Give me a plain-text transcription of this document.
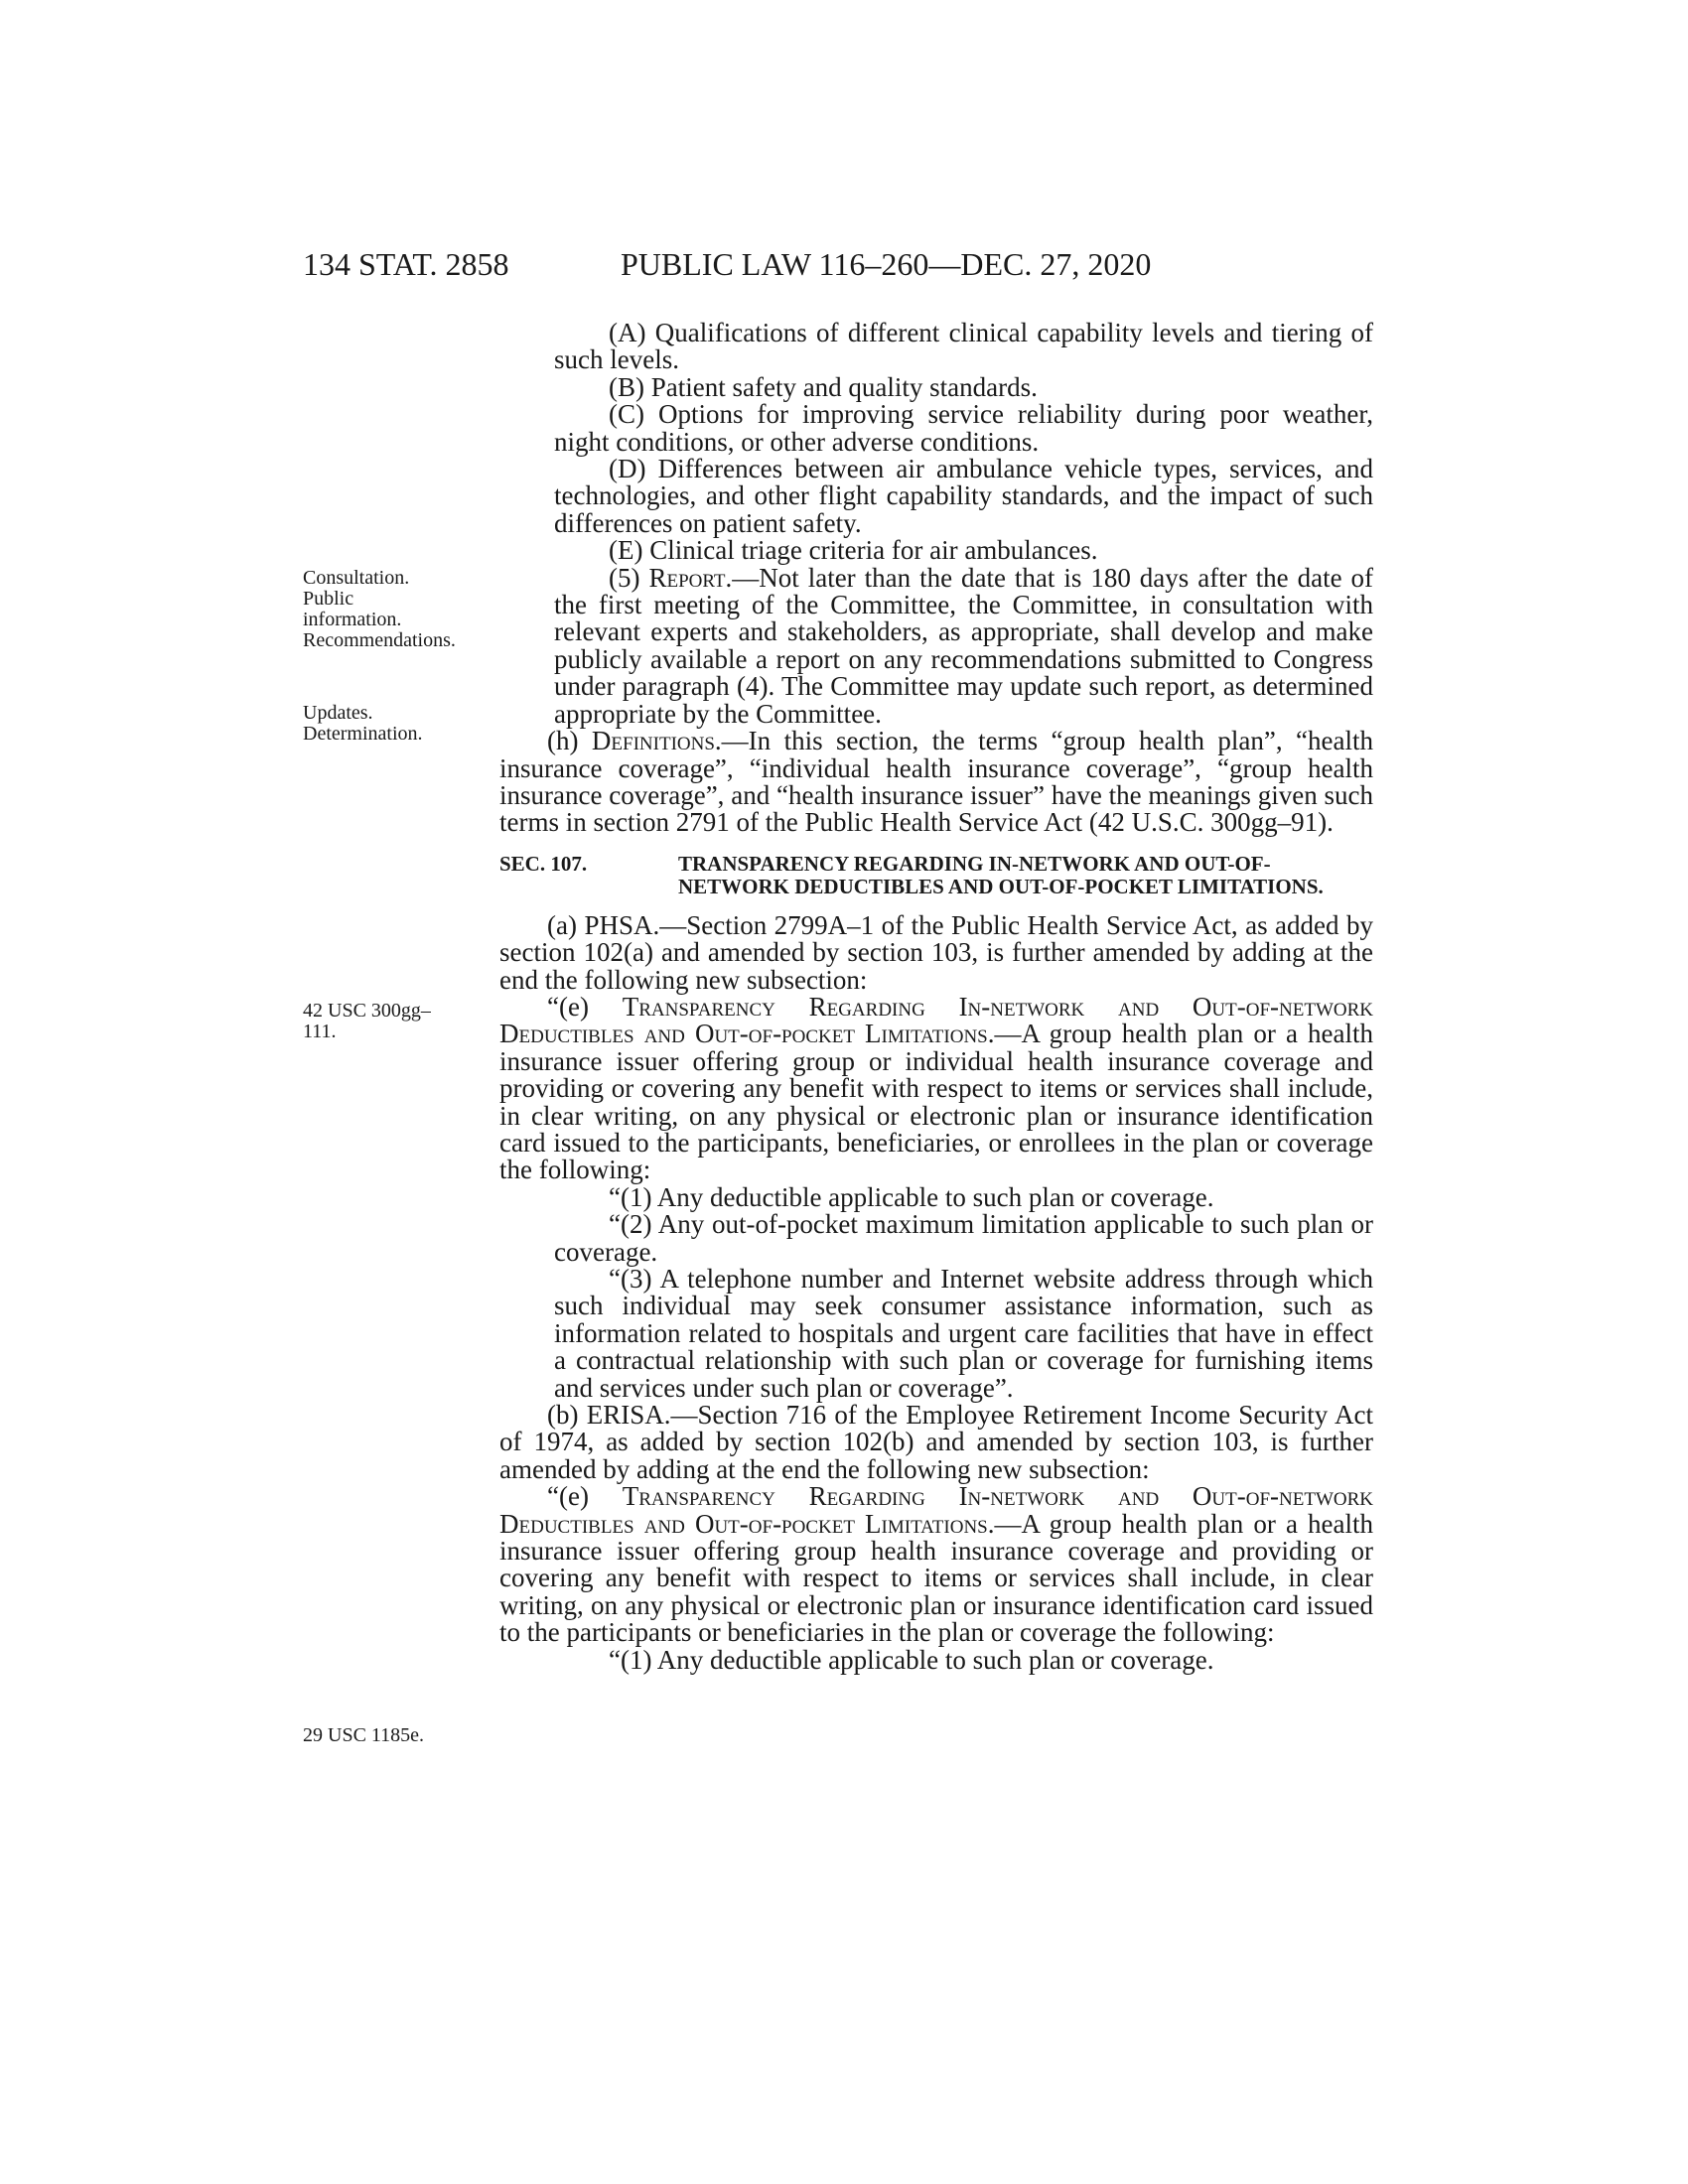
134 STAT. 2858	PUBLIC LAW 116–260—DEC. 27, 2020
Consultation. Public information. Recommendations.
Updates. Determination.
42 USC 300gg–111.
29 USC 1185e.

(A) Qualifications of different clinical capability levels and tiering of such levels.

(B) Patient safety and quality standards.

(C) Options for improving service reliability during poor weather, night conditions, or other adverse conditions.

(D) Differences between air ambulance vehicle types, services, and technologies, and other flight capability standards, and the impact of such differences on patient safety.

(E) Clinical triage criteria for air ambulances.

(5) Report.—Not later than the date that is 180 days after the date of the first meeting of the Committee, the Committee, in consultation with relevant experts and stakeholders, as appropriate, shall develop and make publicly available a report on any recommendations submitted to Congress under paragraph (4). The Committee may update such report, as determined appropriate by the Committee.

(h) Definitions.—In this section, the terms “group health plan”, “health insurance coverage”, “individual health insurance coverage”, “group health insurance coverage”, and “health insurance issuer” have the meanings given such terms in section 2791 of the Public Health Service Act (42 U.S.C. 300gg–91).

SEC. 107.	TRANSPARENCY REGARDING IN-NETWORK AND OUT-OF-NETWORK DEDUCTIBLES AND OUT-OF-POCKET LIMITATIONS.

(a) PHSA.—Section 2799A–1 of the Public Health Service Act, as added by section 102(a) and amended by section 103, is further amended by adding at the end the following new subsection:

“(e) Transparency Regarding In-network and Out-of-network Deductibles and Out-of-pocket Limitations.—A group health plan or a health insurance issuer offering group or individual health insurance coverage and providing or covering any benefit with respect to items or services shall include, in clear writing, on any physical or electronic plan or insurance identification card issued to the participants, beneficiaries, or enrollees in the plan or coverage the following:

“(1) Any deductible applicable to such plan or coverage.

“(2) Any out-of-pocket maximum limitation applicable to such plan or coverage.

“(3) A telephone number and Internet website address through which such individual may seek consumer assistance information, such as information related to hospitals and urgent care facilities that have in effect a contractual relationship with such plan or coverage for furnishing items and services under such plan or coverage”.

(b) ERISA.—Section 716 of the Employee Retirement Income Security Act of 1974, as added by section 102(b) and amended by section 103, is further amended by adding at the end the following new subsection:

“(e) Transparency Regarding In-network and Out-of-network Deductibles and Out-of-pocket Limitations.—A group health plan or a health insurance issuer offering group health insurance coverage and providing or covering any benefit with respect to items or services shall include, in clear writing, on any physical or electronic plan or insurance identification card issued to the participants or beneficiaries in the plan or coverage the following:

“(1) Any deductible applicable to such plan or coverage.
